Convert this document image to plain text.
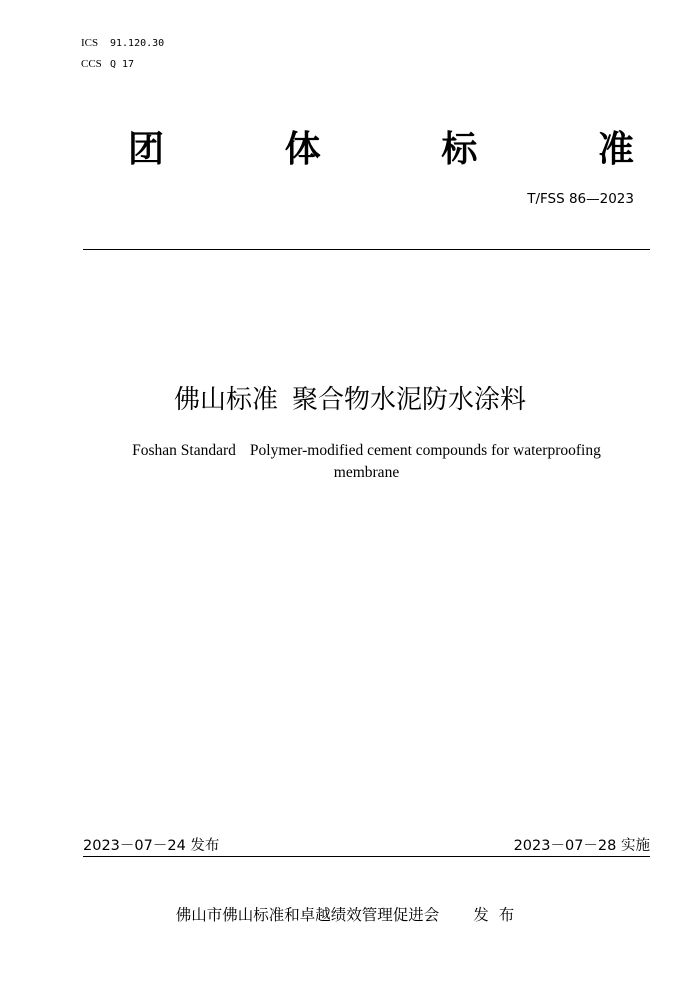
ICS 91.120.30
CCS Q 17
团	体	标	准
T/FSS 86—2023
佛山标准 聚合物水泥防水涂料
Foshan Standard Polymer-modified cement compounds for waterproofing
membrane
2023－07－24 发布	2023－07－28 实施
佛山市佛山标准和卓越绩效管理促进会 发布
